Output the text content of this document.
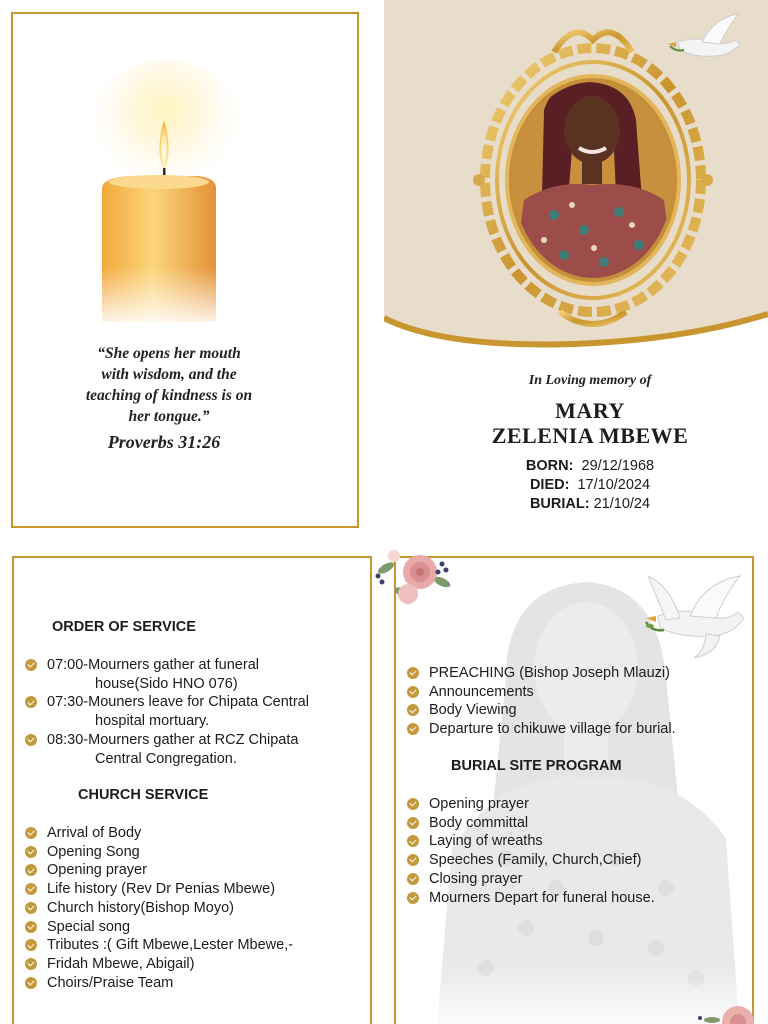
“She opens her mouth
with wisdom, and the
teaching of kindness is on
her tongue.”
Proverbs 31:26
In Loving memory of
MARY
ZELENIA MBEWE
BORN: 29/12/1968
DIED: 17/10/2024
BURIAL: 21/10/24
ORDER OF SERVICE
07:00-Mourners gather at funeral
house(Sido HNO 076)
07:30-Mouners leave for Chipata Central
hospital mortuary.
08:30-Mourners gather at RCZ Chipata
Central Congregation.
CHURCH SERVICE
Arrival of Body
Opening Song
Opening prayer
Life history (Rev Dr Penias Mbewe)
Church history(Bishop Moyo)
Special song
Tributes :( Gift Mbewe,Lester Mbewe,-
Fridah Mbewe, Abigail)
Choirs/Praise Team
PREACHING (Bishop Joseph Mlauzi)
Announcements
Body Viewing
Departure to chikuwe village for burial.
BURIAL SITE PROGRAM
Opening prayer
Body committal
Laying of wreaths
Speeches (Family, Church,Chief)
Closing prayer
Mourners Depart for funeral house.
